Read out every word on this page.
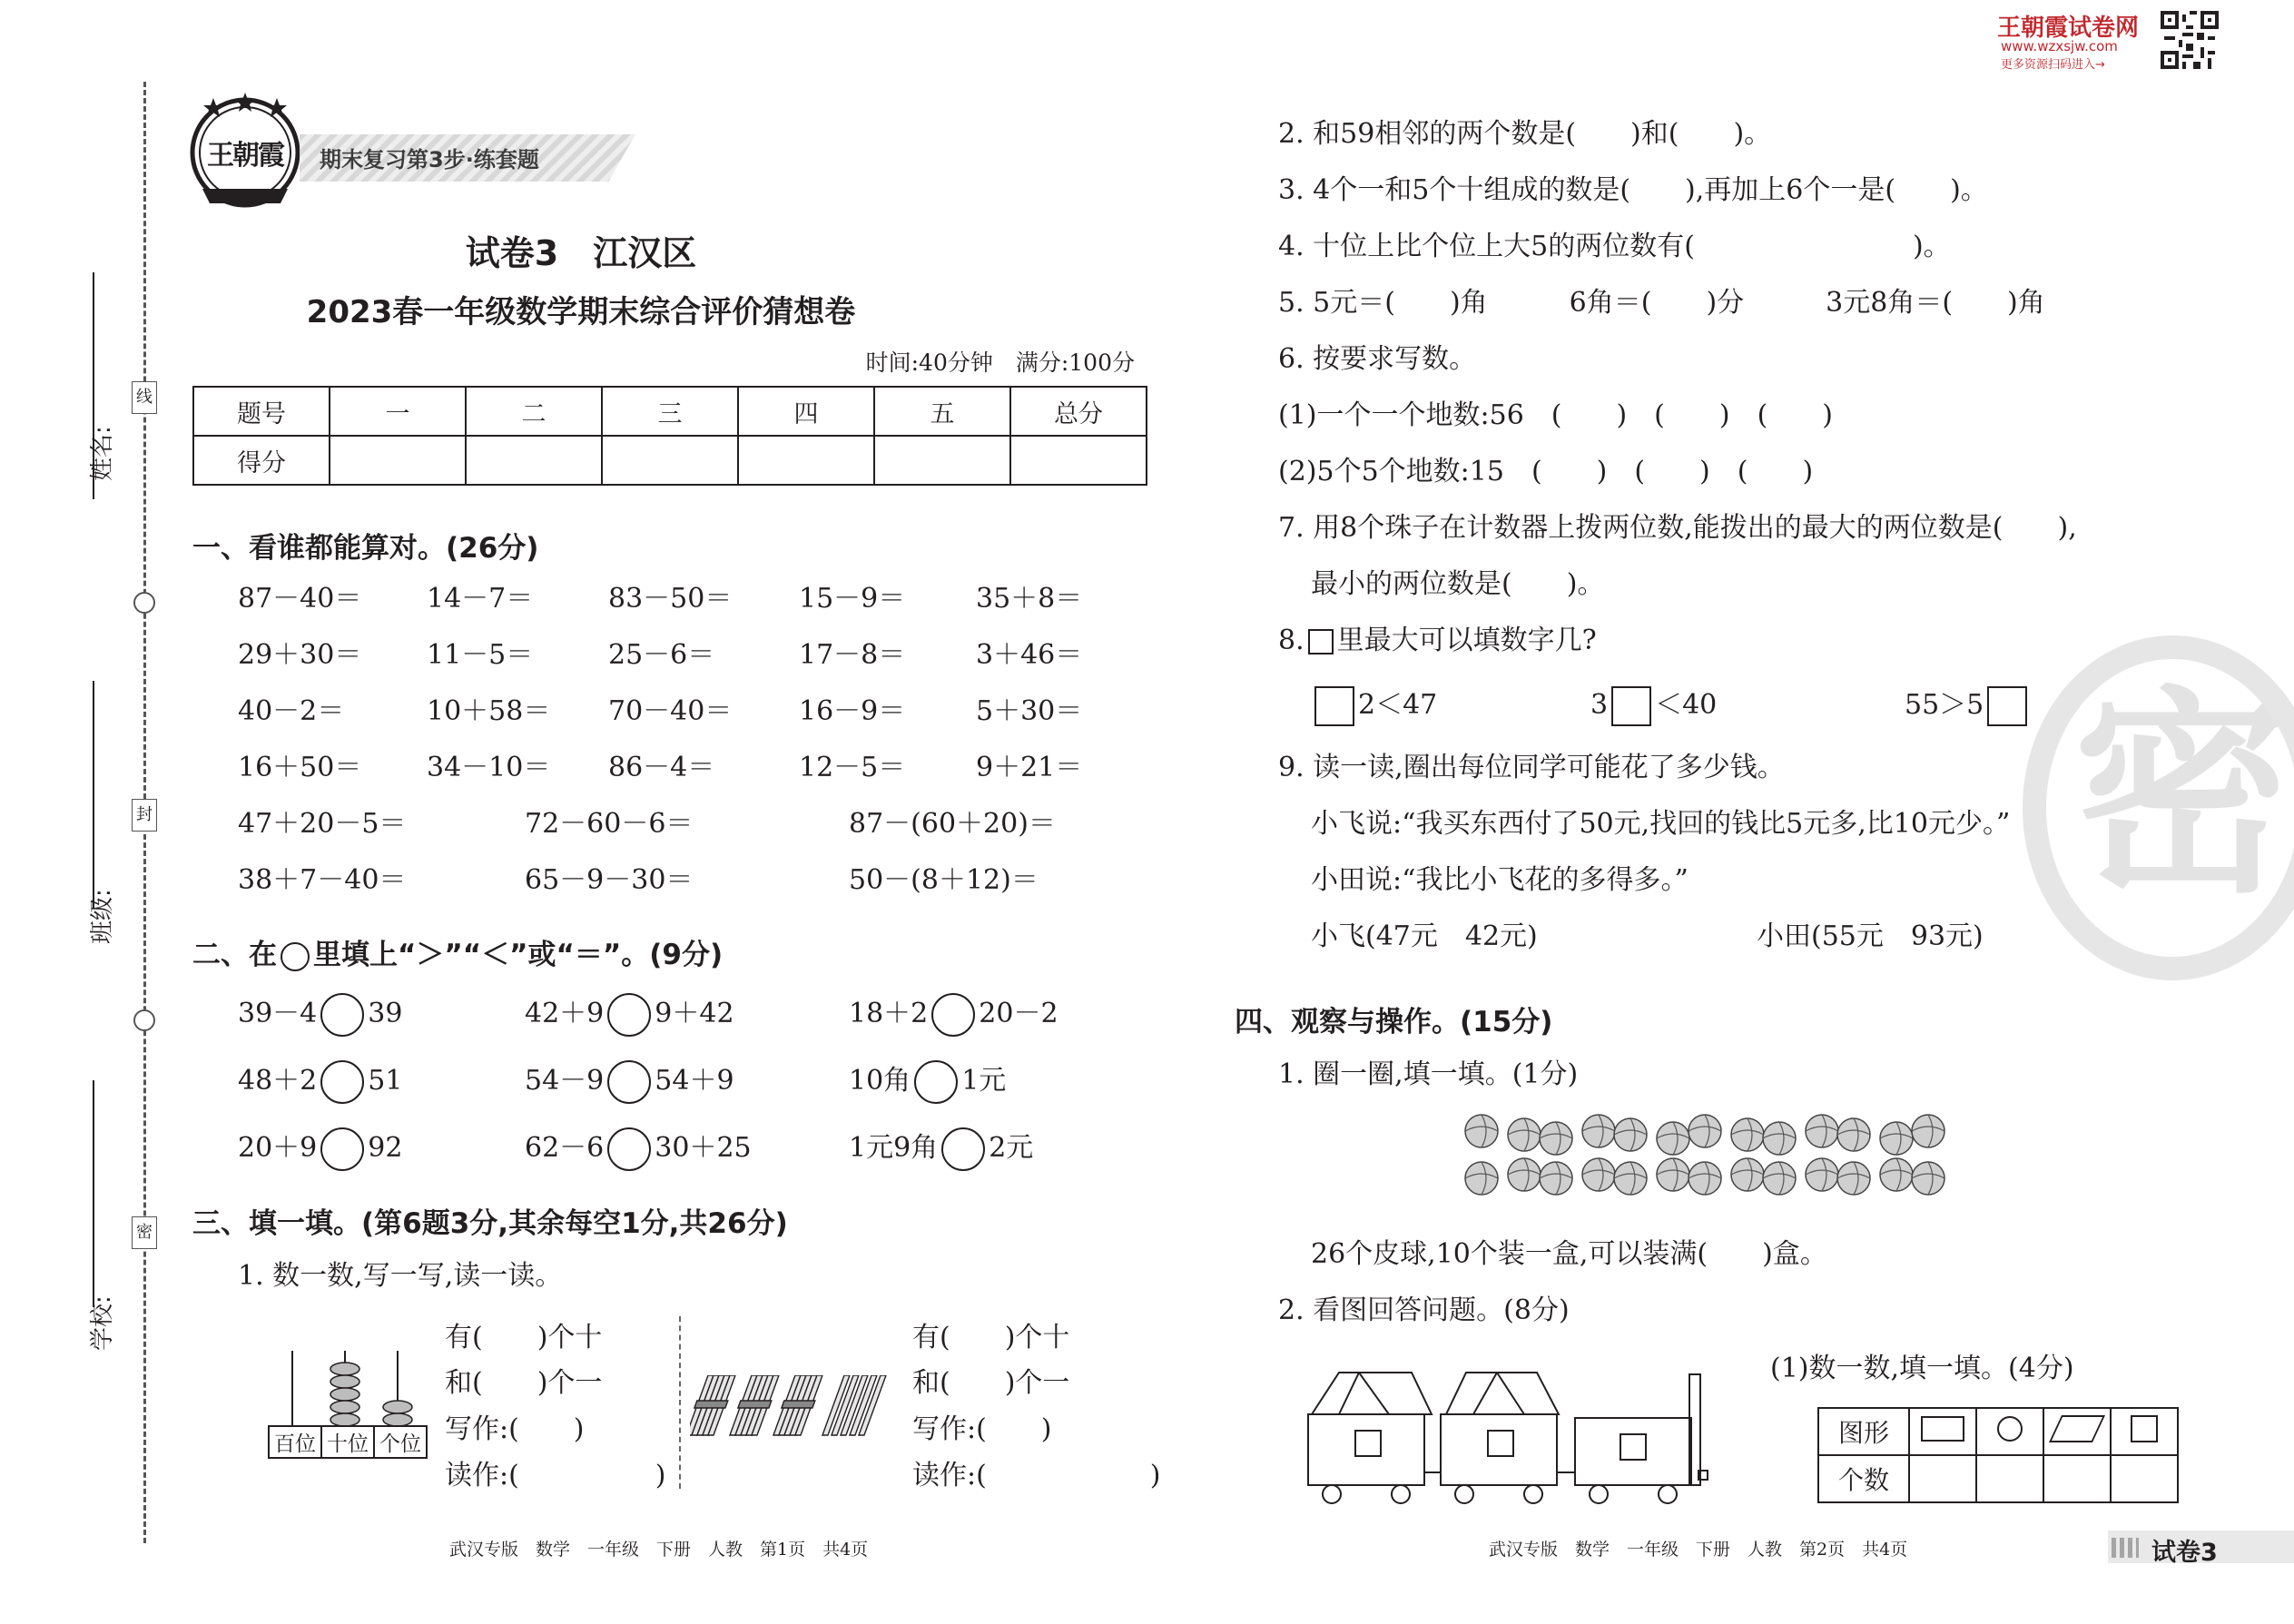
线
封
密
姓名:
班级:
学校:
王朝霞	期末复习第3步·练套题
试卷3　江汉区
2023春一年级数学期末综合评价猜想卷
时间:40分钟　满分:100分
题号	一	二	三	四	五	总分
得分						
一、看谁都能算对。(26分)
87－40＝ 14－7＝	83－50＝ 15－9＝	35＋8＝
29＋30＝ 11－5＝	25－6＝	17－8＝	3＋46＝
40－2＝	10＋58＝ 70－40＝ 16－9＝	5＋30＝
16＋50＝ 34－10＝ 86－4＝	12－5＝	9＋21＝
47＋20－5＝	72－60－6＝	87－(60＋20)＝
38＋7－40＝	65－9－30＝	50－(8＋12)＝
二、在 里填上“＞”“＜”或“＝”。(9分)
39－4 39	42＋9 9＋42	18＋2 20－2
48＋2 51	54－9 54＋9	10角 1元
20＋9 92	62－6 30＋25	1元9角 2元
三、填一填。(第6题3分,其余每空1分,共26分)
1. 数一数,写一写,读一读。
百位 十位 个位
有(　　)个十
和(　　)个一
写作:(　　)
读作:(　　　　　)
有(　　)个十
和(　　)个一
写作:(　　)
读作:(　　　　　　)
武汉专版　数学　一年级　下册　人教　第1页　共4页
王朝霞试卷网
www.wzxsjw.com
更多资源扫码进入→
密
2. 和59相邻的两个数是(　　)和(　　)。
3. 4个一和5个十组成的数是(　　),再加上6个一是(　　)。
4. 十位上比个位上大5的两位数有(　　　　　　　　)。
5. 5元＝(　　)角　　　6角＝(　　)分　　　3元8角＝(　　)角
6. 按要求写数。
(1)一个一个地数:56　(　　)　(　　)　(　　)
(2)5个5个地数:15　(　　)　(　　)　(　　)
7. 用8个珠子在计数器上拨两位数,能拨出的最大的两位数是(　　),
最小的两位数是(　　)。
8. 里最大可以填数字几?
2＜47	3 ＜40	55＞5
9. 读一读,圈出每位同学可能花了多少钱。
小飞说:“我买东西付了50元,找回的钱比5元多,比10元少。”
小田说:“我比小飞花的多得多。”
小飞(47元　42元)	小田(55元　93元)
四、观察与操作。(15分)
1. 圈一圈,填一填。(1分)
26个皮球,10个装一盒,可以装满(　　)盒。
2. 看图回答问题。(8分)
(1)数一数,填一填。(4分)
图形				
个数				
武汉专版　数学　一年级　下册　人教　第2页　共4页	试卷3
